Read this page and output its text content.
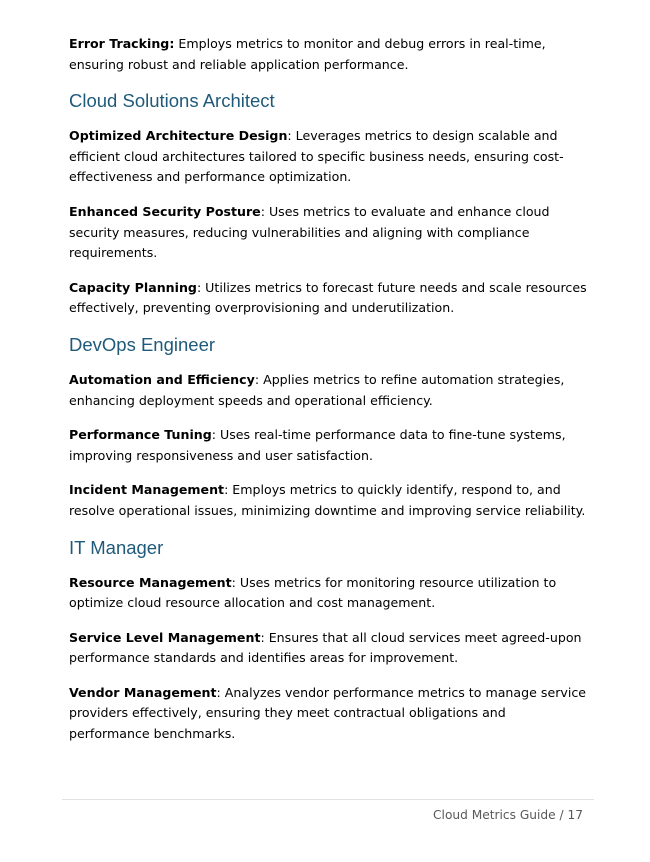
Error Tracking: Employs metrics to monitor and debug errors in real-time, ensuring robust and reliable application performance.

Cloud Solutions Architect

Optimized Architecture Design: Leverages metrics to design scalable and efficient cloud architectures tailored to specific business needs, ensuring cost-effectiveness and performance optimization.

Enhanced Security Posture: Uses metrics to evaluate and enhance cloud security measures, reducing vulnerabilities and aligning with compliance requirements.

Capacity Planning: Utilizes metrics to forecast future needs and scale resources effectively, preventing overprovisioning and underutilization.

DevOps Engineer

Automation and Efficiency: Applies metrics to refine automation strategies, enhancing deployment speeds and operational efficiency.

Performance Tuning: Uses real-time performance data to fine-tune systems, improving responsiveness and user satisfaction.

Incident Management: Employs metrics to quickly identify, respond to, and resolve operational issues, minimizing downtime and improving service reliability.

IT Manager

Resource Management: Uses metrics for monitoring resource utilization to optimize cloud resource allocation and cost management.

Service Level Management: Ensures that all cloud services meet agreed-upon performance standards and identifies areas for improvement.

Vendor Management: Analyzes vendor performance metrics to manage service providers effectively, ensuring they meet contractual obligations and performance benchmarks.

Cloud Metrics Guide / 17
